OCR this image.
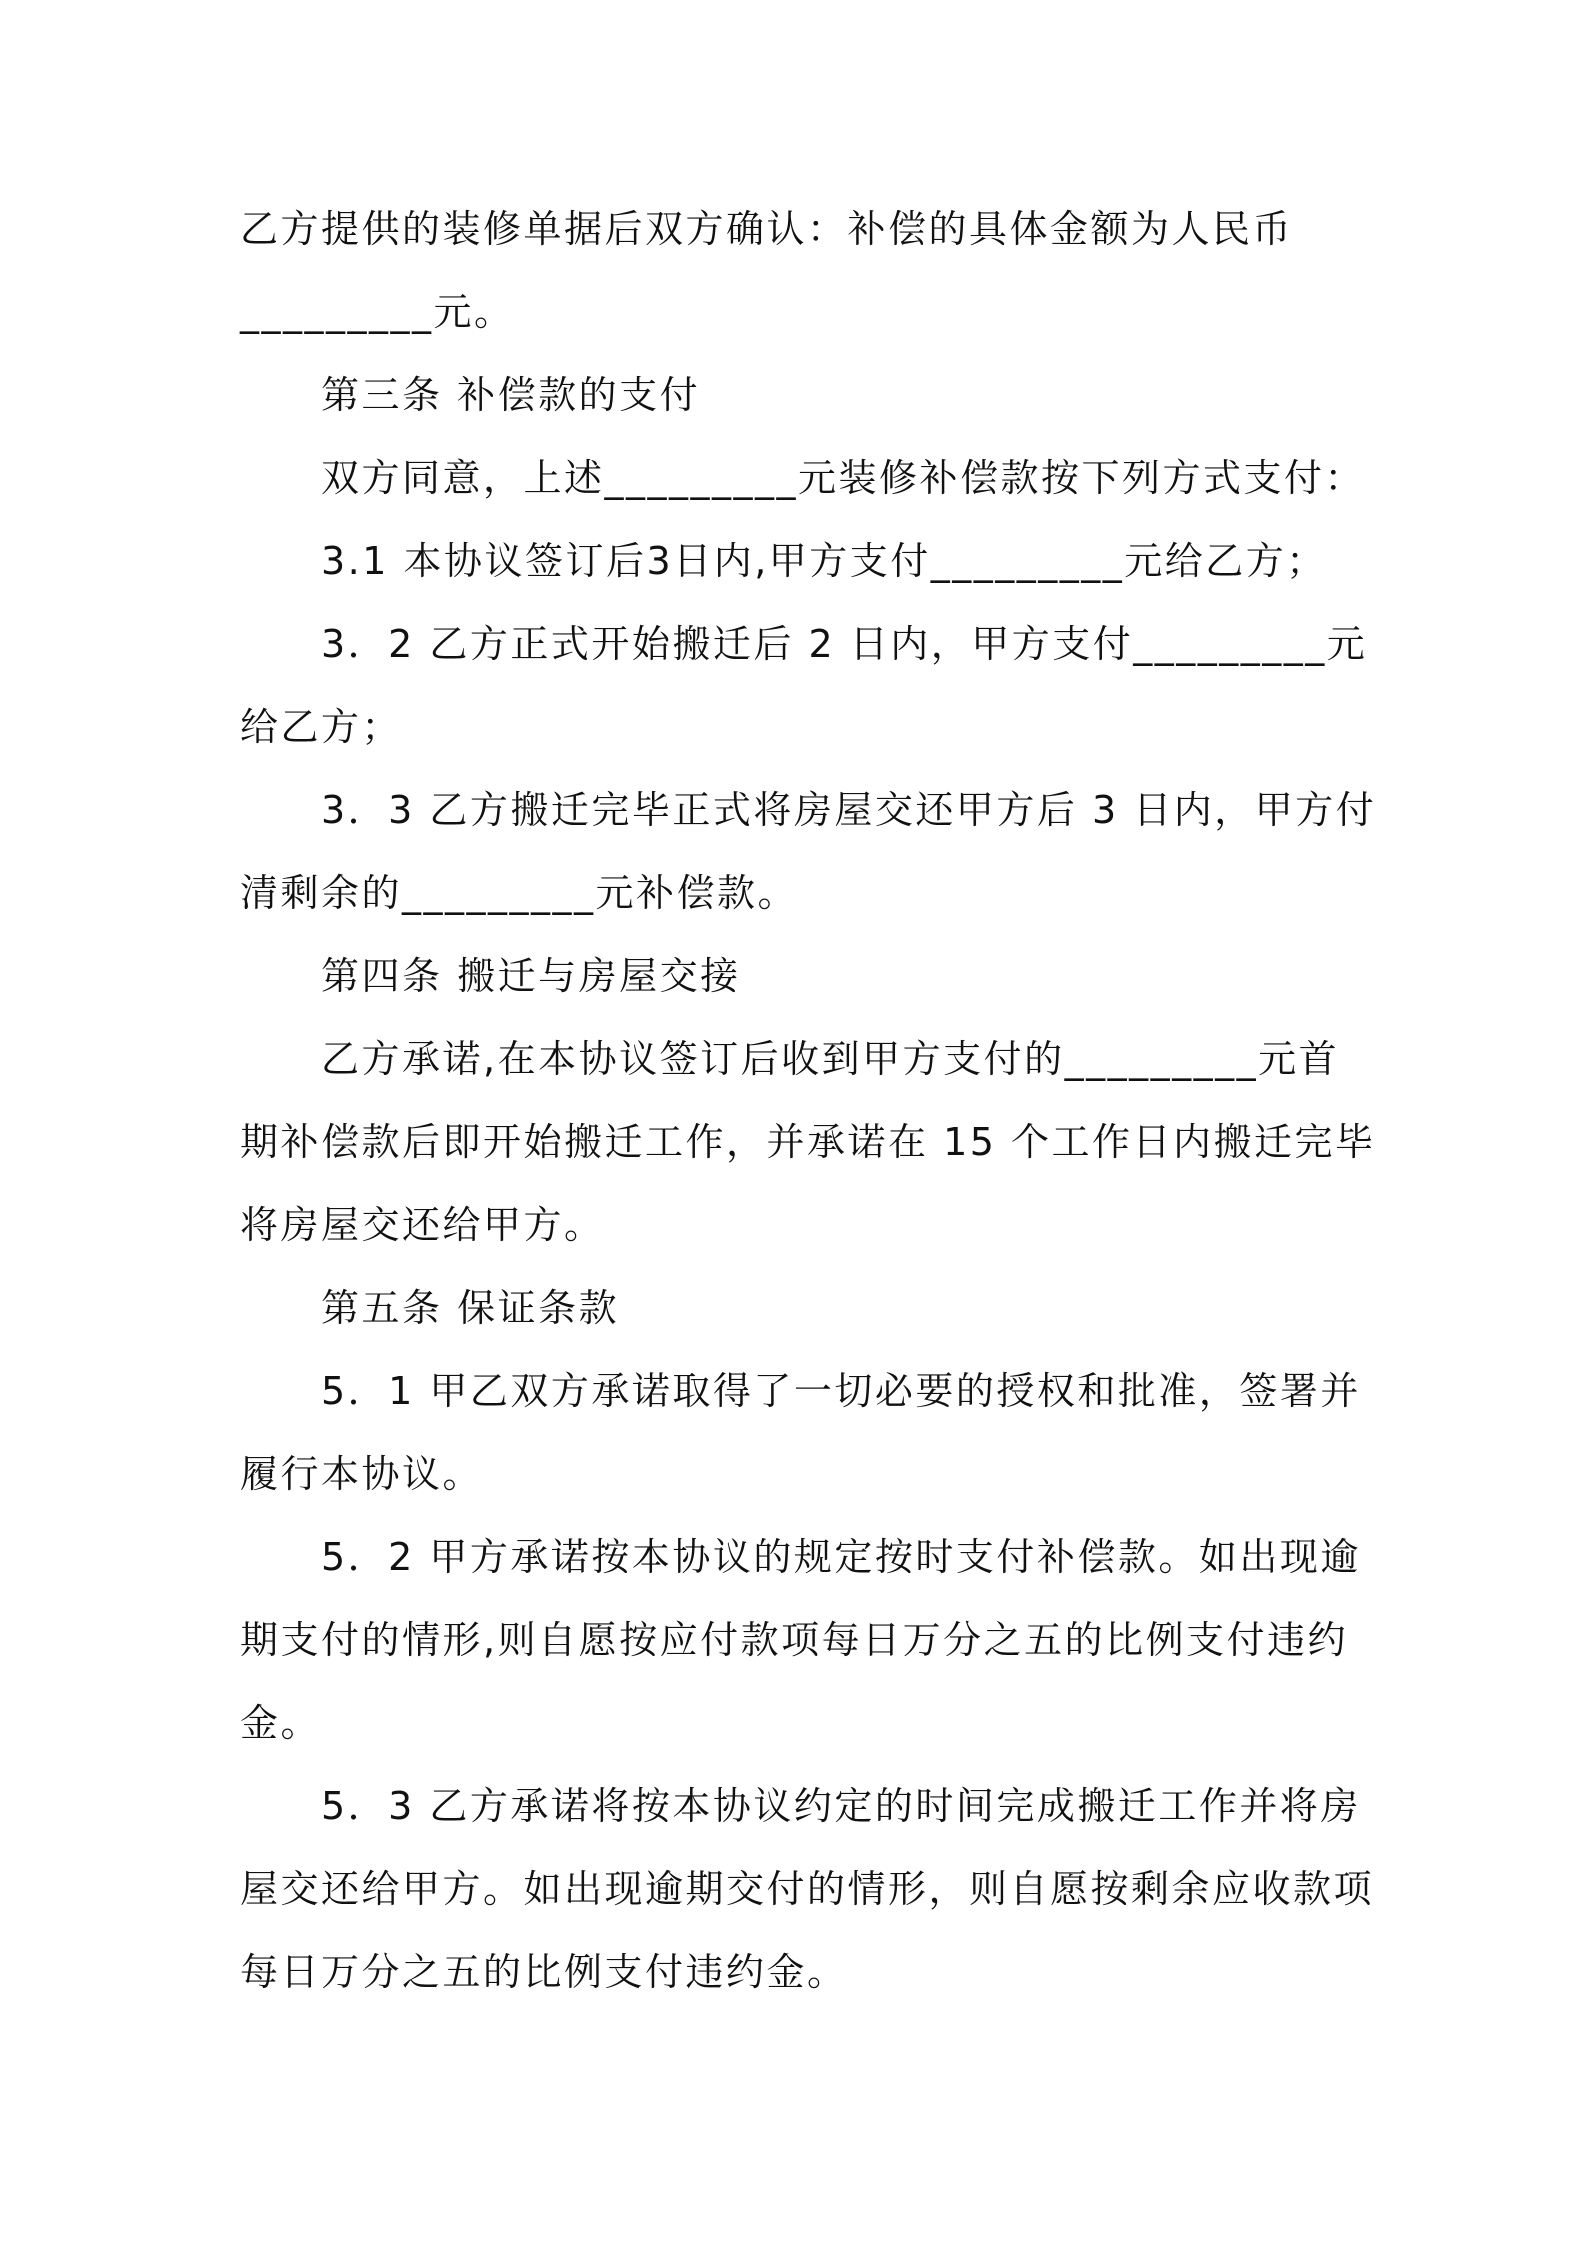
乙方提供的装修单据后双方确认：补偿的具体金额为人民币
_________元。
第三条 补偿款的支付
双方同意，上述_________元装修补偿款按下列方式支付：
3.1 本协议签订后3日内,甲方支付_________元给乙方；
3．2 乙方正式开始搬迁后 2 日内，甲方支付_________元
给乙方；
3．3 乙方搬迁完毕正式将房屋交还甲方后 3 日内，甲方付
清剩余的_________元补偿款。
第四条 搬迁与房屋交接
乙方承诺,在本协议签订后收到甲方支付的_________元首
期补偿款后即开始搬迁工作，并承诺在 15 个工作日内搬迁完毕
将房屋交还给甲方。
第五条 保证条款
5．1 甲乙双方承诺取得了一切必要的授权和批准，签署并
履行本协议。
5．2 甲方承诺按本协议的规定按时支付补偿款。如出现逾
期支付的情形,则自愿按应付款项每日万分之五的比例支付违约
金。
5．3 乙方承诺将按本协议约定的时间完成搬迁工作并将房
屋交还给甲方。如出现逾期交付的情形，则自愿按剩余应收款项
每日万分之五的比例支付违约金。
